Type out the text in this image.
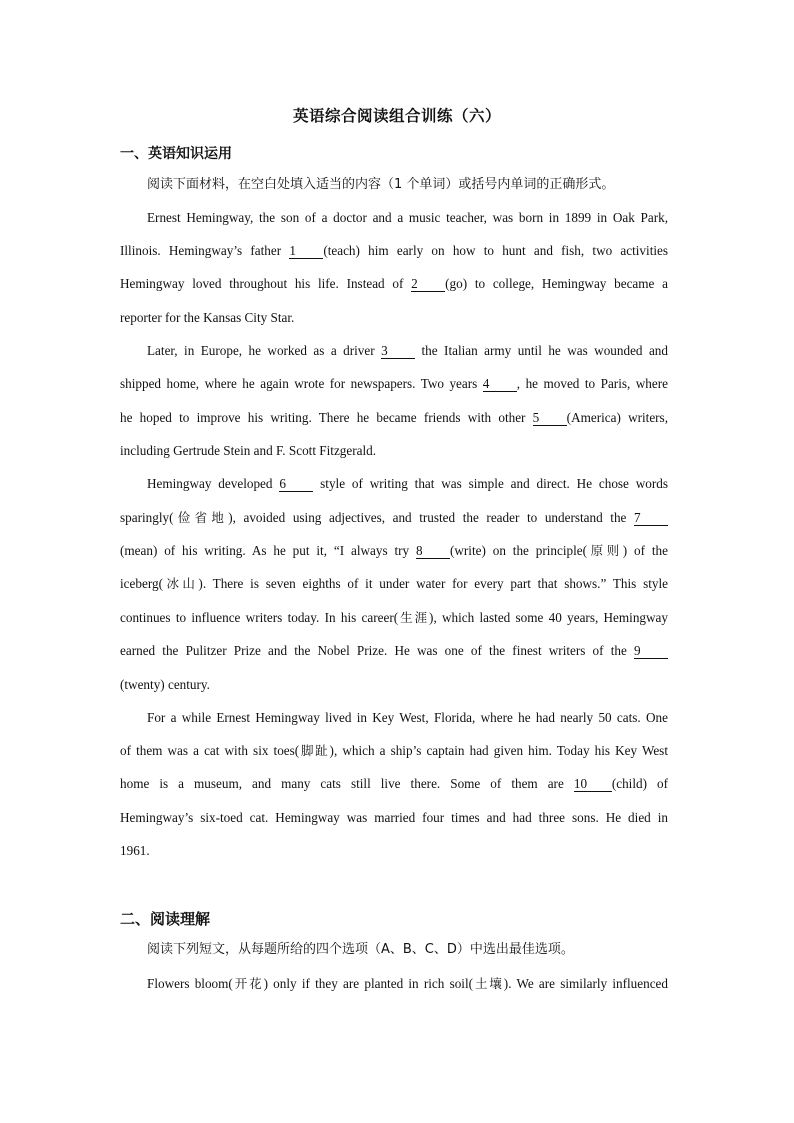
英语综合阅读组合训练（六）
一、英语知识运用
阅读下面材料，在空白处填入适当的内容（1 个单词）或括号内单词的正确形式。
Ernest Hemingway, the son of a doctor and a music teacher, was born in 1899 in Oak Park,
Illinois. Hemingway’s father 1 (teach) him early on how to hunt and fish, two activities
Hemingway loved throughout his life. Instead of 2 (go) to college, Hemingway became a
reporter for the Kansas City Star.
Later, in Europe, he worked as a driver 3 the Italian army until he was wounded and
shipped home, where he again wrote for newspapers. Two years 4 , he moved to Paris, where
he hoped to improve his writing. There he became friends with other 5 (America) writers,
including Gertrude Stein and F. Scott Fitzgerald.
Hemingway developed 6 style of writing that was simple and direct. He chose words
sparingly(俭省地), avoided using adjectives, and trusted the reader to understand the 7
(mean) of his writing. As he put it, “I always try 8 (write) on the principle(原则) of the
iceberg(冰山). There is seven eighths of it under water for every part that shows.” This style
continues to influence writers today. In his career(生涯), which lasted some 40 years, Hemingway
earned the Pulitzer Prize and the Nobel Prize. He was one of the finest writers of the 9
(twenty) century.
For a while Ernest Hemingway lived in Key West, Florida, where he had nearly 50 cats. One
of them was a cat with six toes(脚趾), which a ship’s captain had given him. Today his Key West
home is a museum, and many cats still live there. Some of them are 10 (child) of
Hemingway’s six-toed cat. Hemingway was married four times and had three sons. He died in
1961.
二、阅读理解
阅读下列短文，从每题所给的四个选项（A、B、C、D）中选出最佳选项。
Flowers bloom(开花) only if they are planted in rich soil(土壤). We are similarly influenced
